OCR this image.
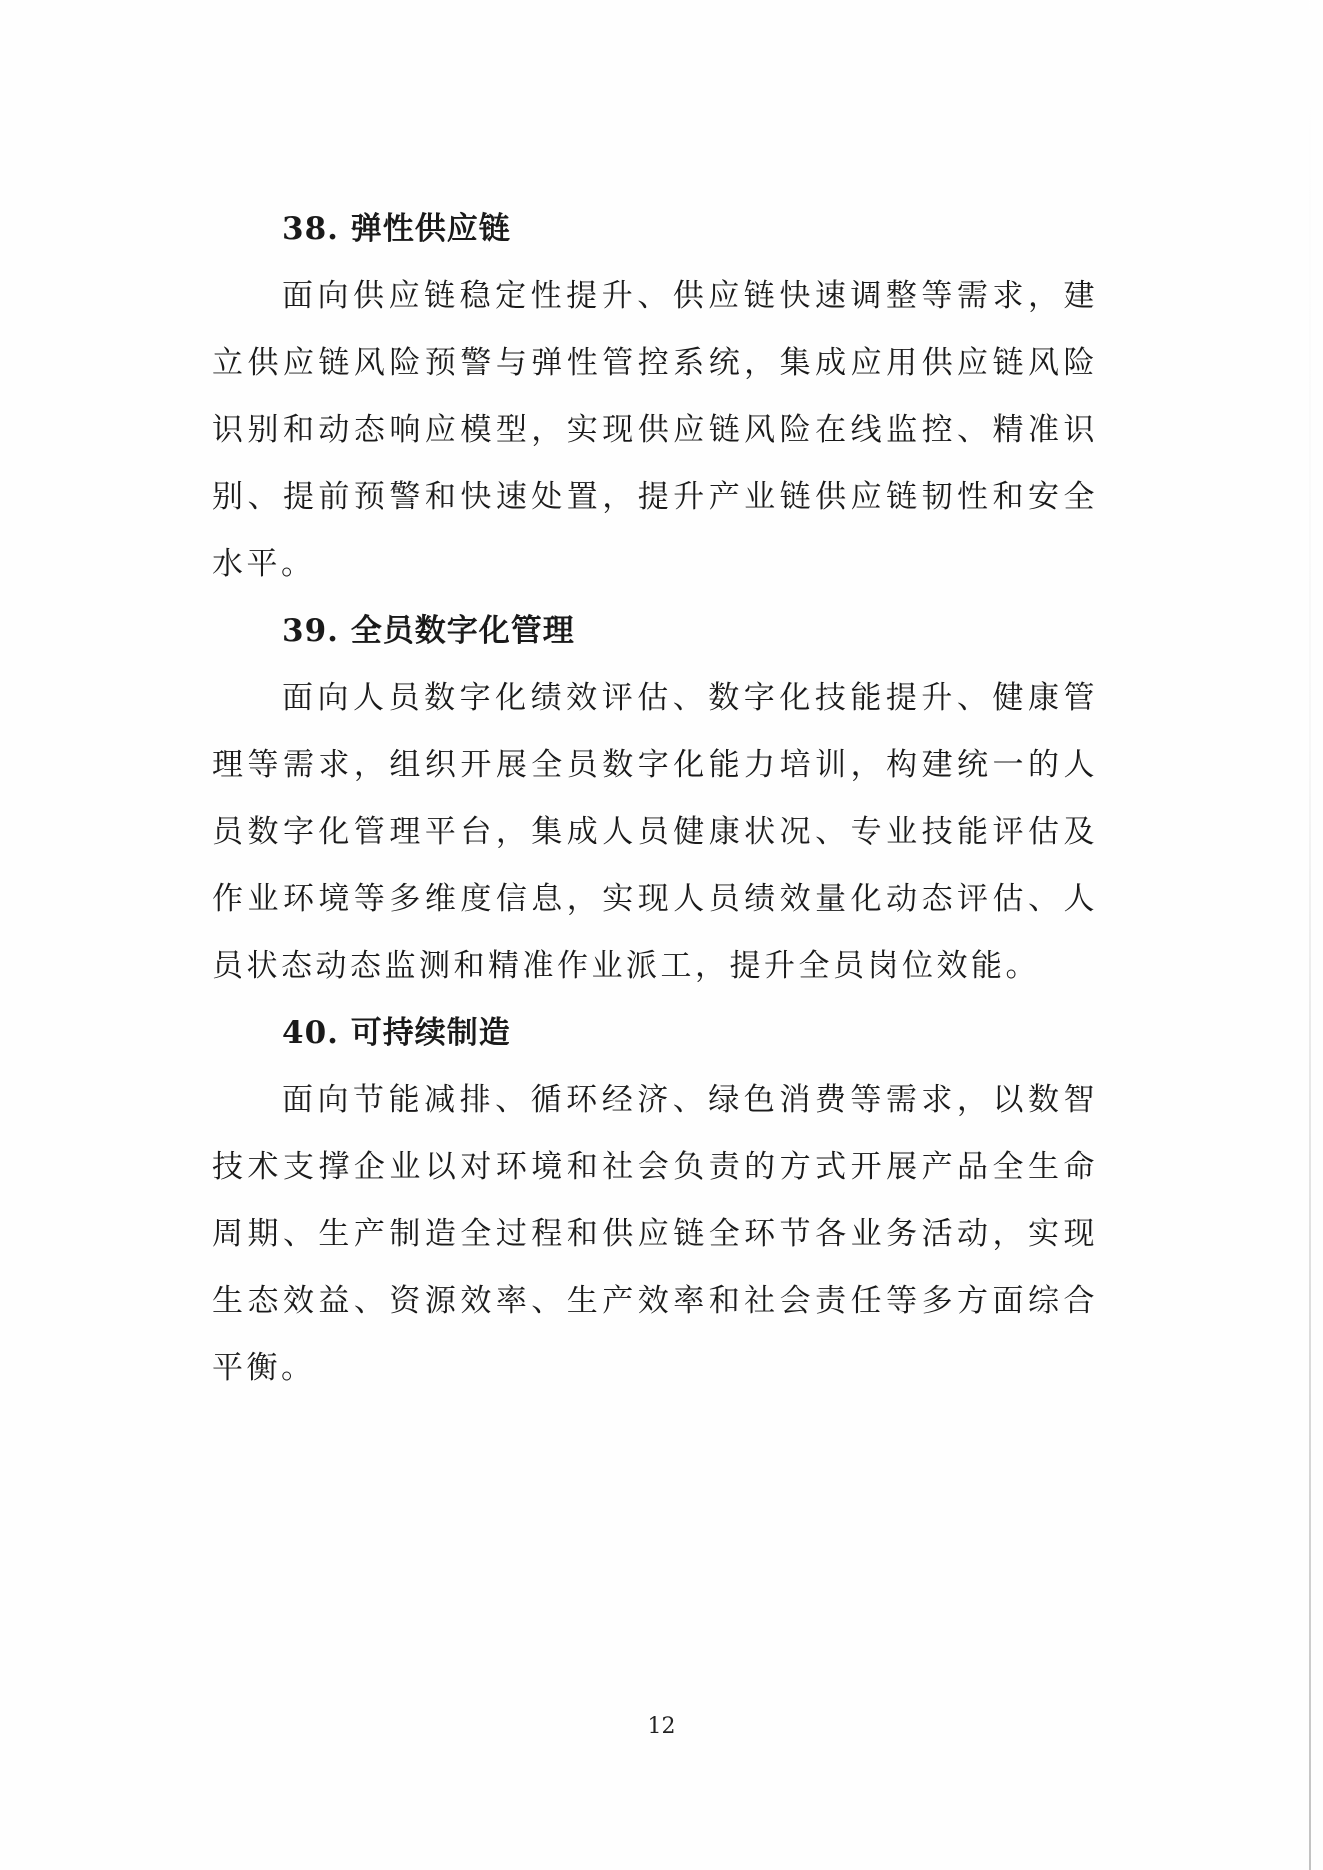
38. 弹性供应链

面向供应链稳定性提升、供应链快速调整等需求，建立供应链风险预警与弹性管控系统，集成应用供应链风险识别和动态响应模型，实现供应链风险在线监控、精准识别、提前预警和快速处置，提升产业链供应链韧性和安全水平。

39. 全员数字化管理

面向人员数字化绩效评估、数字化技能提升、健康管理等需求，组织开展全员数字化能力培训，构建统一的人员数字化管理平台，集成人员健康状况、专业技能评估及作业环境等多维度信息，实现人员绩效量化动态评估、人员状态动态监测和精准作业派工，提升全员岗位效能。

40. 可持续制造

面向节能减排、循环经济、绿色消费等需求，以数智技术支撑企业以对环境和社会负责的方式开展产品全生命周期、生产制造全过程和供应链全环节各业务活动，实现生态效益、资源效率、生产效率和社会责任等多方面综合平衡。

12
